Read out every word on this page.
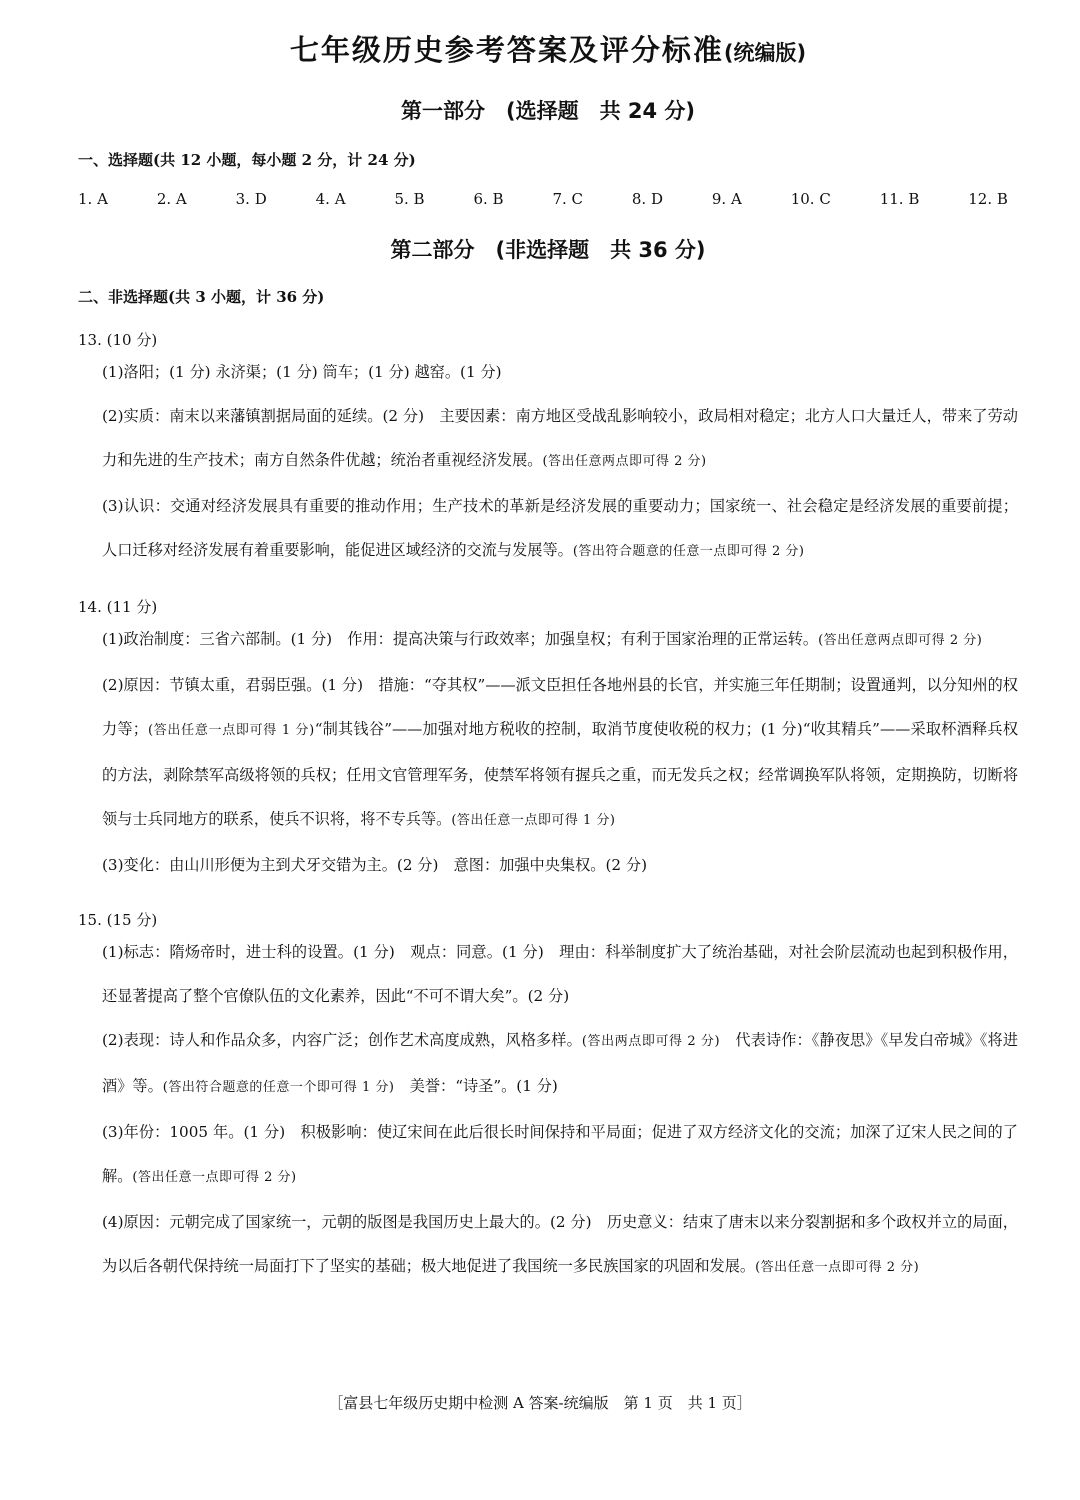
七年级历史参考答案及评分标准(统编版)
第一部分　(选择题　共 24 分)
一、选择题(共 12 小题，每小题 2 分，计 24 分)
1. A	2. A	3. D	4. A	5. B	6. B	7. C	8. D	9. A	10. C	11. B	12. B
第二部分　(非选择题　共 36 分)
二、非选择题(共 3 小题，计 36 分)
13. (10 分)

(1)洛阳；(1 分) 永济渠；(1 分) 筒车；(1 分) 越窑。(1 分)

(2)实质：南末以来藩镇割据局面的延续。(2 分)　主要因素：南方地区受战乱影响较小，政局相对稳定；北方人口大量迁人，带来了劳动力和先进的生产技术；南方自然条件优越；统治者重视经济发展。(答出任意两点即可得 2 分)

(3)认识：交通对经济发展具有重要的推动作用；生产技术的革新是经济发展的重要动力；国家统一、社会稳定是经济发展的重要前提；人口迁移对经济发展有着重要影响，能促进区域经济的交流与发展等。(答出符合题意的任意一点即可得 2 分)

14. (11 分)

(1)政治制度：三省六部制。(1 分)　作用：提高决策与行政效率；加强皇权；有利于国家治理的正常运转。(答出任意两点即可得 2 分)

(2)原因：节镇太重，君弱臣强。(1 分)　措施：“夺其权”——派文臣担任各地州县的长官，并实施三年任期制；设置通判，以分知州的权力等；(答出任意一点即可得 1 分)“制其钱谷”——加强对地方税收的控制，取消节度使收税的权力；(1 分)“收其精兵”——采取杯酒释兵权的方法，剥除禁军高级将领的兵权；任用文官管理军务，使禁军将领有握兵之重，而无发兵之权；经常调换军队将领，定期换防，切断将领与士兵同地方的联系，使兵不识将，将不专兵等。(答出任意一点即可得 1 分)

(3)变化：由山川形便为主到犬牙交错为主。(2 分)　意图：加强中央集权。(2 分)

15. (15 分)

(1)标志：隋炀帝时，进士科的设置。(1 分)　观点：同意。(1 分)　理由：科举制度扩大了统治基础，对社会阶层流动也起到积极作用，还显著提高了整个官僚队伍的文化素养，因此“不可不谓大矣”。(2 分)

(2)表现：诗人和作品众多，内容广泛；创作艺术高度成熟，风格多样。(答出两点即可得 2 分)　代表诗作：《静夜思》《早发白帝城》《将进酒》等。(答出符合题意的任意一个即可得 1 分)　美誉：“诗圣”。(1 分)

(3)年份：1005 年。(1 分)　积极影响：使辽宋间在此后很长时间保持和平局面；促进了双方经济文化的交流；加深了辽宋人民之间的了解。(答出任意一点即可得 2 分)

(4)原因：元朝完成了国家统一，元朝的版图是我国历史上最大的。(2 分)　历史意义：结束了唐末以来分裂割据和多个政权并立的局面，为以后各朝代保持统一局面打下了坚实的基础；极大地促进了我国统一多民族国家的巩固和发展。(答出任意一点即可得 2 分)

［富县七年级历史期中检测 A 答案-统编版　第 1 页　共 1 页］
